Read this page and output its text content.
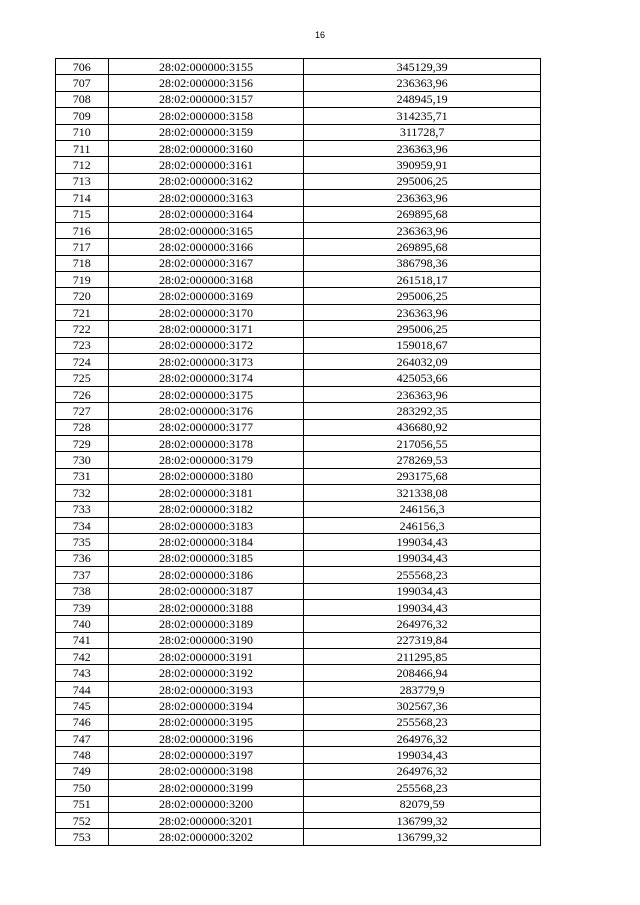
16
706	28:02:000000:3155	345129,39
707	28:02:000000:3156	236363,96
708	28:02:000000:3157	248945,19
709	28:02:000000:3158	314235,71
710	28:02:000000:3159	311728,7
711	28:02:000000:3160	236363,96
712	28:02:000000:3161	390959,91
713	28:02:000000:3162	295006,25
714	28:02:000000:3163	236363,96
715	28:02:000000:3164	269895,68
716	28:02:000000:3165	236363,96
717	28:02:000000:3166	269895,68
718	28:02:000000:3167	386798,36
719	28:02:000000:3168	261518,17
720	28:02:000000:3169	295006,25
721	28:02:000000:3170	236363,96
722	28:02:000000:3171	295006,25
723	28:02:000000:3172	159018,67
724	28:02:000000:3173	264032,09
725	28:02:000000:3174	425053,66
726	28:02:000000:3175	236363,96
727	28:02:000000:3176	283292,35
728	28:02:000000:3177	436680,92
729	28:02:000000:3178	217056,55
730	28:02:000000:3179	278269,53
731	28:02:000000:3180	293175,68
732	28:02:000000:3181	321338,08
733	28:02:000000:3182	246156,3
734	28:02:000000:3183	246156,3
735	28:02:000000:3184	199034,43
736	28:02:000000:3185	199034,43
737	28:02:000000:3186	255568,23
738	28:02:000000:3187	199034,43
739	28:02:000000:3188	199034,43
740	28:02:000000:3189	264976,32
741	28:02:000000:3190	227319,84
742	28:02:000000:3191	211295,85
743	28:02:000000:3192	208466,94
744	28:02:000000:3193	283779,9
745	28:02:000000:3194	302567,36
746	28:02:000000:3195	255568,23
747	28:02:000000:3196	264976,32
748	28:02:000000:3197	199034,43
749	28:02:000000:3198	264976,32
750	28:02:000000:3199	255568,23
751	28:02:000000:3200	82079,59
752	28:02:000000:3201	136799,32
753	28:02:000000:3202	136799,32
